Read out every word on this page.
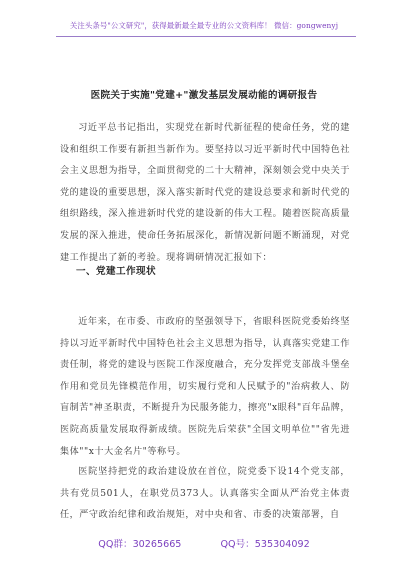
关注头条号"公文研究"，获得最新最全最专业的公文资料库！ 微信：gongwenyj
医院关于实施"党建+"激发基层发展动能的调研报告
习近平总书记指出，实现党在新时代新征程的使命任务，党的建设和组织工作要有新担当新作为。要坚持以习近平新时代中国特色社会主义思想为指导，全面贯彻党的二十大精神，深刻领会党中央关于党的建设的重要思想，深入落实新时代党的建设总要求和新时代党的组织路线，深入推进新时代党的建设新的伟大工程。随着医院高质量发展的深入推进，使命任务拓展深化，新情况新问题不断涌现，对党建工作提出了新的考验。现将调研情况汇报如下：
一、党建工作现状
近年来，在市委、市政府的坚强领导下，省眼科医院党委始终坚持以习近平新时代中国特色社会主义思想为指导，认真落实党建工作责任制，将党的建设与医院工作深度融合，充分发挥党支部战斗堡垒作用和党员先锋模范作用，切实履行党和人民赋予的"治病救人、防盲制苦"神圣职责，不断提升为民服务能力，擦亮"x眼科"百年品牌，医院高质量发展取得新成绩。医院先后荣获"全国文明单位""省先进集体""x十大金名片"等称号。
医院坚持把党的政治建设放在首位，院党委下设14个党支部，共有党员501人，在职党员373人。认真落实全面从严治党主体责任，严守政治纪律和政治规矩，对中央和省、市委的决策部署，自
QQ群：30265665	QQ号：535304092
